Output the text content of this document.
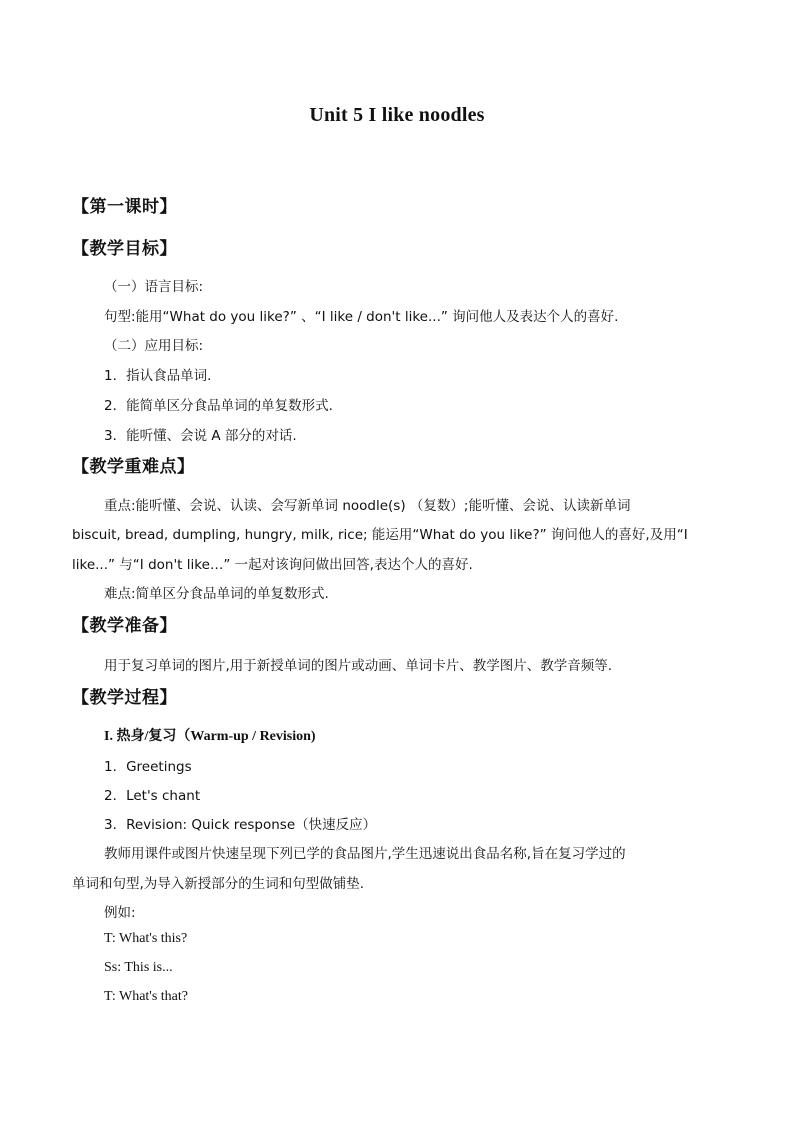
Unit 5 I like noodles
【第一课时】
【教学目标】
（一）语言目标:
句型:能用“What do you like?” 、“I like / don't like...” 询问他人及表达个人的喜好.
（二）应用目标:
1．指认食品单词.
2．能简单区分食品单词的单复数形式.
3．能听懂、会说 A 部分的对话.
【教学重难点】
重点:能听懂、会说、认读、会写新单词 noodle(s) （复数）;能听懂、会说、认读新单词
biscuit, bread, dumpling, hungry, milk, rice; 能运用“What do you like?” 询问他人的喜好,及用“I
like...” 与“I don't like…” 一起对该询问做出回答,表达个人的喜好.
难点:简单区分食品单词的单复数形式.
【教学准备】
用于复习单词的图片,用于新授单词的图片或动画、单词卡片、教学图片、教学音频等.
【教学过程】
I. 热身/复习（Warm-up / Revision)
1．Greetings
2．Let's chant
3．Revision: Quick response（快速反应）
教师用课件或图片快速呈现下列已学的食品图片,学生迅速说出食品名称,旨在复习学过的
单词和句型,为导入新授部分的生词和句型做铺垫.
例如:
T: What's this?
Ss: This is...
T: What's that?
